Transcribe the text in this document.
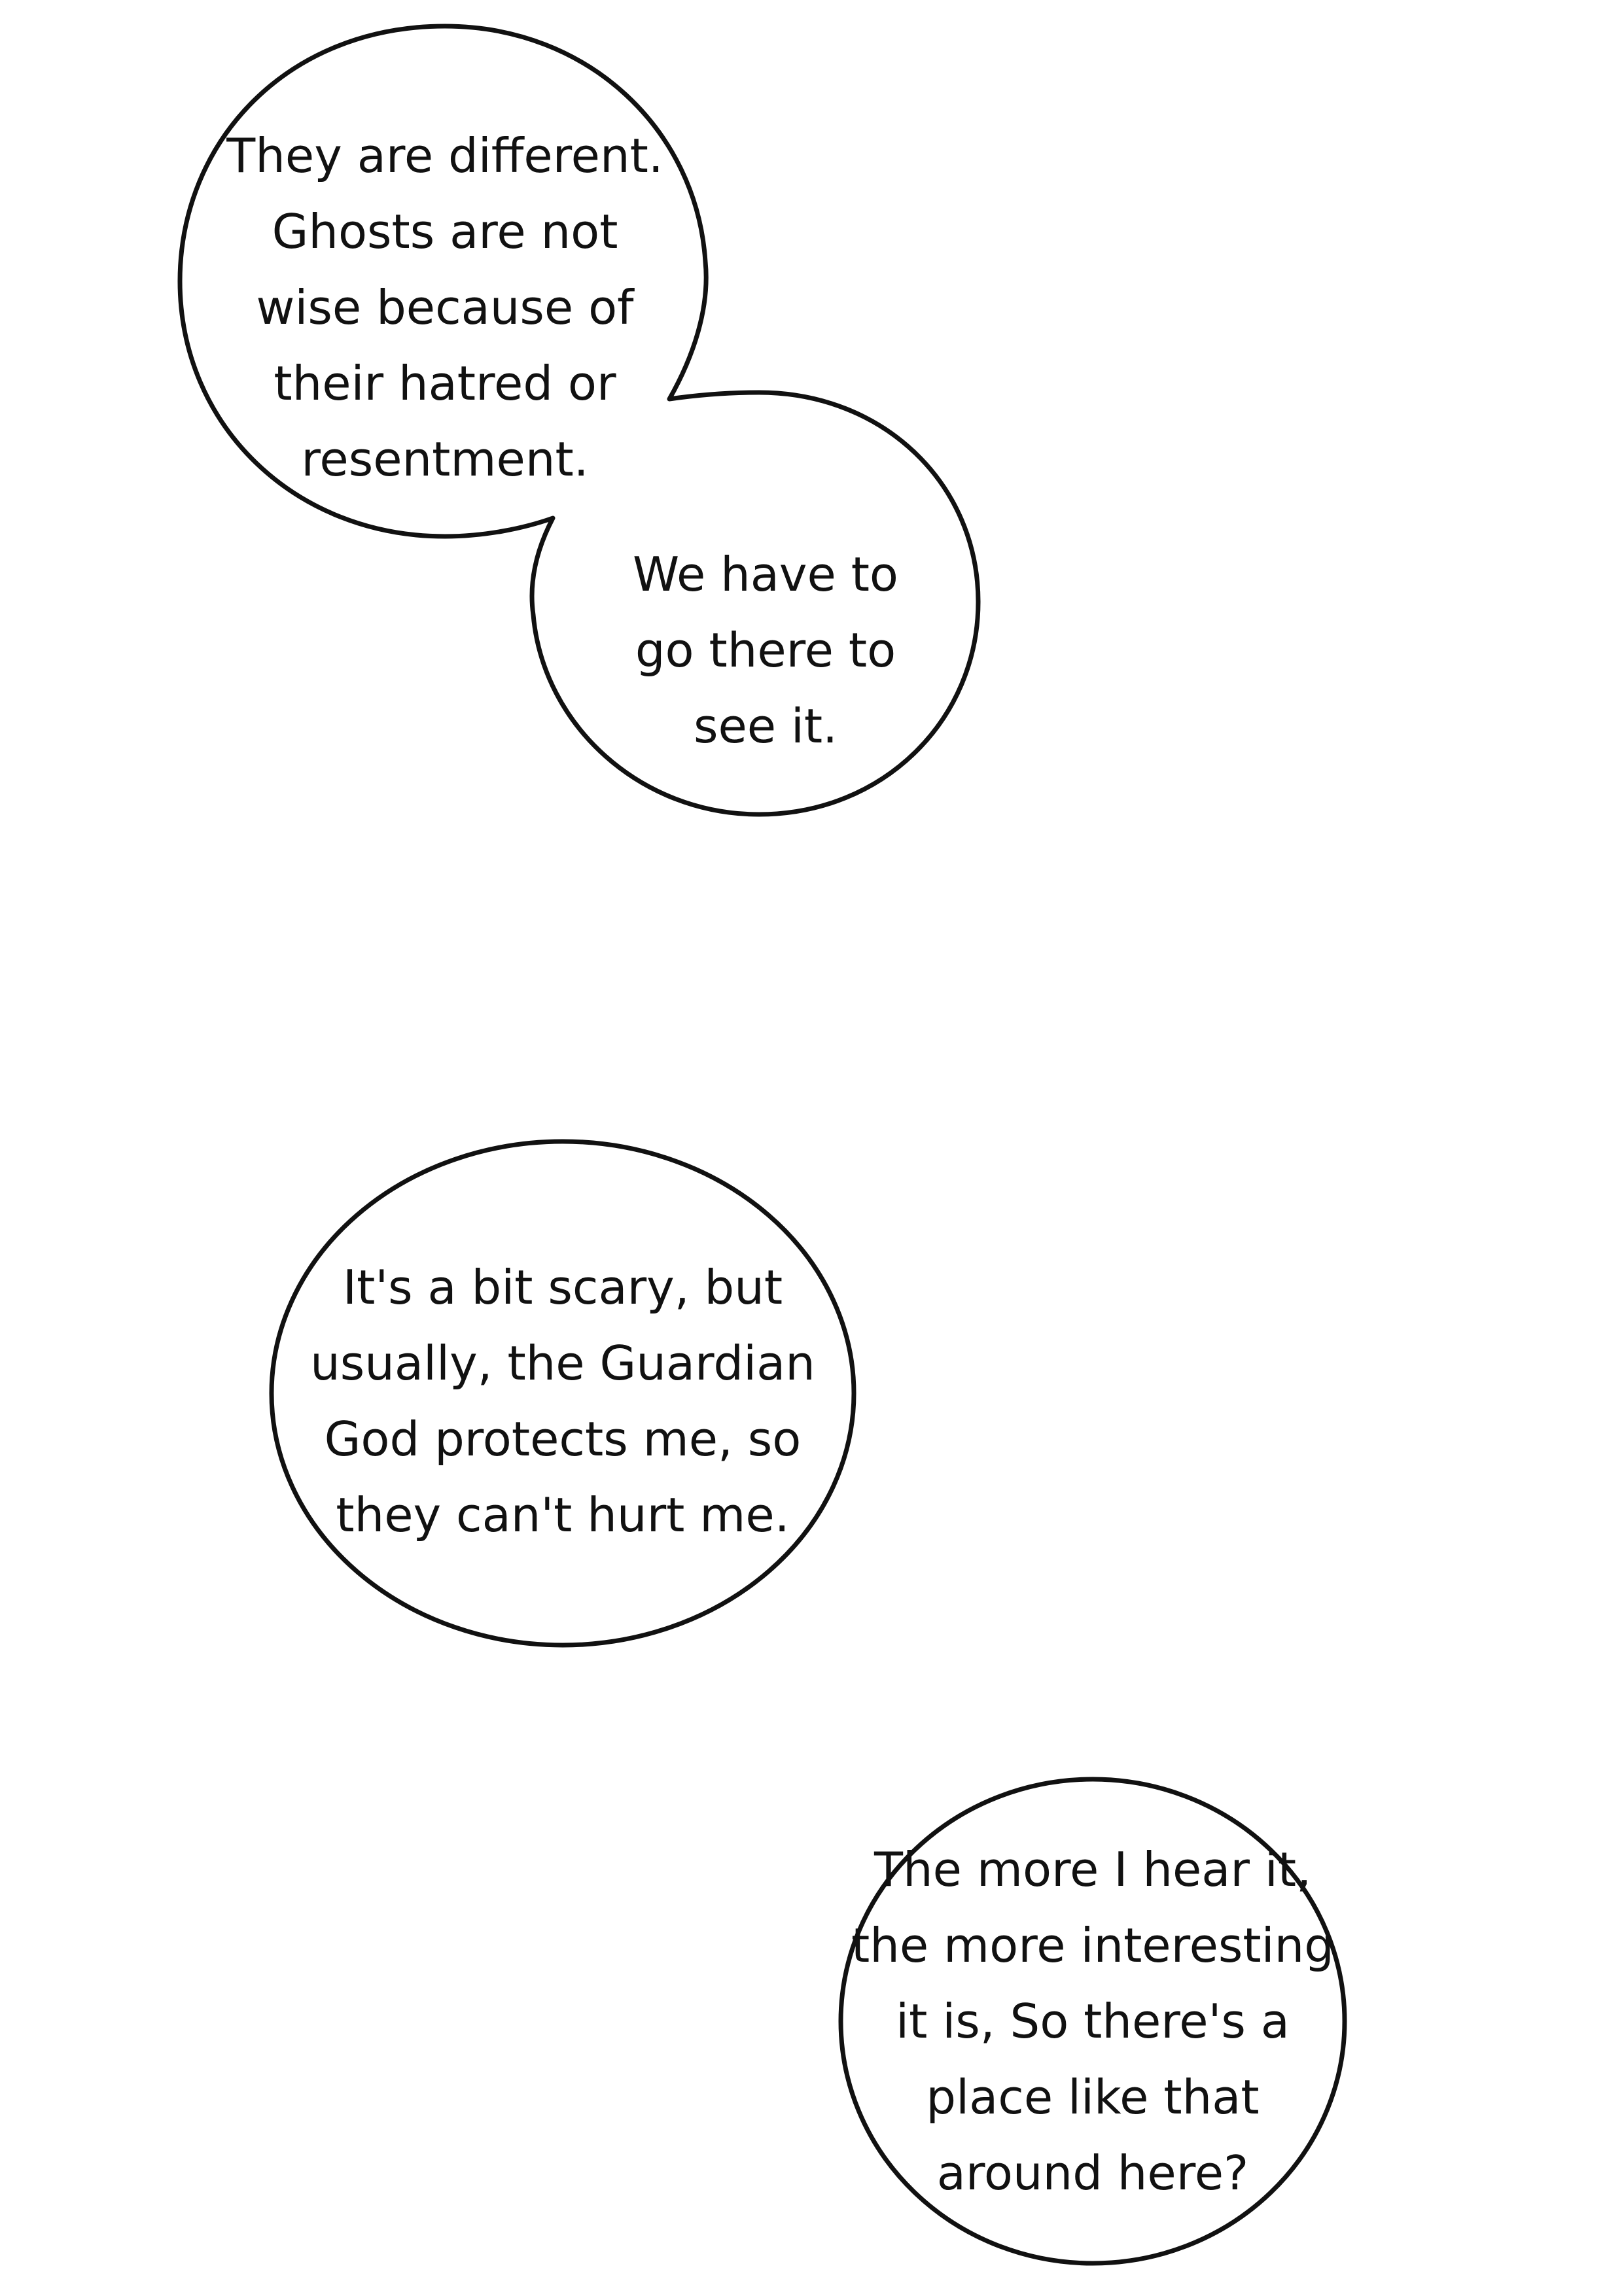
They are different.
Ghosts are not
wise because of
their hatred or
resentment.
We have to
go there to
see it.
It's a bit scary, but
usually, the Guardian
God protects me, so
they can't hurt me.
The more I hear it,
the more interesting
it is, So there's a
place like that
around here?
